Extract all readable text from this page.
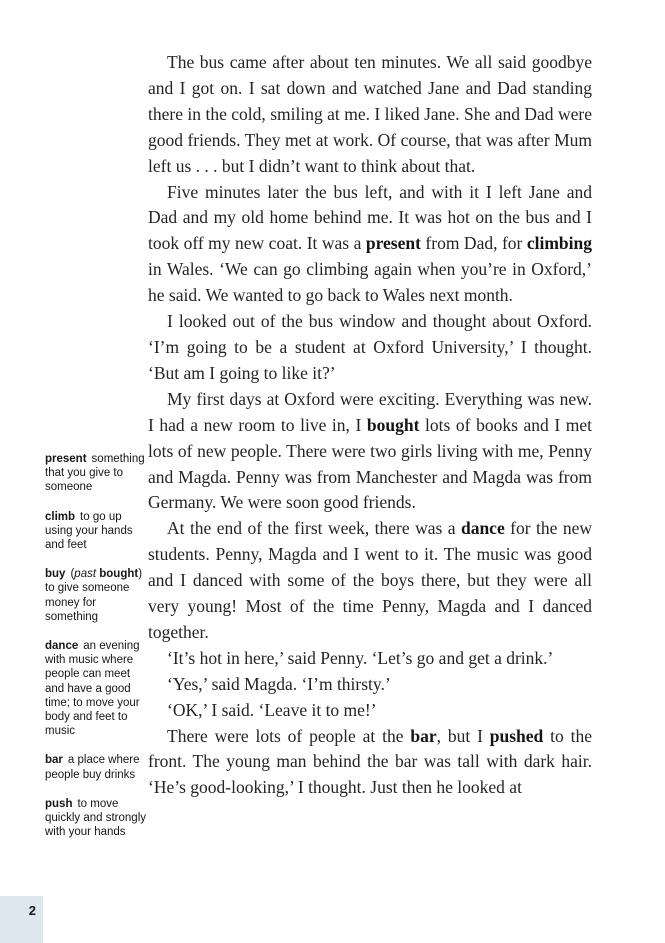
present something that you give to someone
climb to go up using your hands and feet
buy (past bought) to give someone money for something
dance an evening with music where people can meet and have a good time; to move your body and feet to music
bar a place where people buy drinks
push to move quickly and strongly with your hands

The bus came after about ten minutes. We all said goodbye and I got on. I sat down and watched Jane and Dad standing there in the cold, smiling at me. I liked Jane. She and Dad were good friends. They met at work. Of course, that was after Mum left us . . . but I didn’t want to think about that.

Five minutes later the bus left, and with it I left Jane and Dad and my old home behind me. It was hot on the bus and I took off my new coat. It was a present from Dad, for climbing in Wales. ‘We can go climbing again when you’re in Oxford,’ he said. We wanted to go back to Wales next month.

I looked out of the bus window and thought about Oxford. ‘I’m going to be a student at Oxford University,’ I thought. ‘But am I going to like it?’

My first days at Oxford were exciting. Everything was new. I had a new room to live in, I bought lots of books and I met lots of new people. There were two girls living with me, Penny and Magda. Penny was from Manchester and Magda was from Germany. We were soon good friends.

At the end of the first week, there was a dance for the new students. Penny, Magda and I went to it. The music was good and I danced with some of the boys there, but they were all very young! Most of the time Penny, Magda and I danced together.

‘It’s hot in here,’ said Penny. ‘Let’s go and get a drink.’

‘Yes,’ said Magda. ‘I’m thirsty.’

‘OK,’ I said. ‘Leave it to me!’

There were lots of people at the bar, but I pushed to the front. The young man behind the bar was tall with dark hair. ‘He’s good-looking,’ I thought. Just then he looked at

2
